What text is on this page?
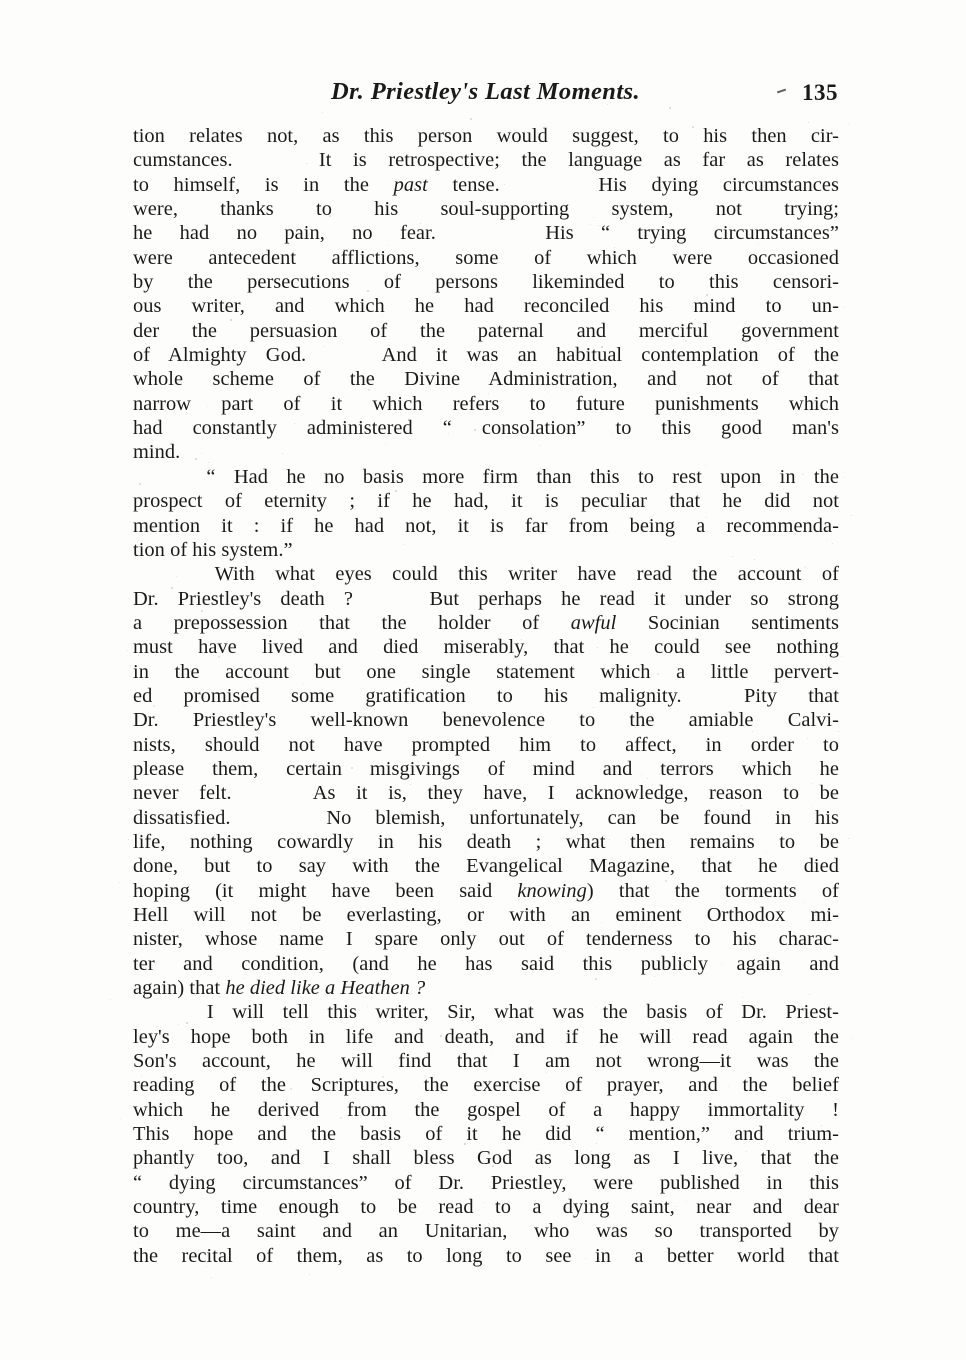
Dr. Priestley's Last Moments.	135
tion relates not, as this person would suggest, to his then cir-
cumstances.    It is retrospective; the language as far as relates
to himself, is in the past tense.    His dying circumstances
were, thanks to his soul-supporting system, not trying;
he had no pain, no fear.    His “ trying circumstances”
were antecedent afflictions, some of which were occasioned
by the persecutions of persons likeminded to this censori-
ous writer, and which he had reconciled his mind to un-
der the persuasion of the paternal and merciful government
of Almighty God.    And it was an habitual contemplation of the
whole scheme of the Divine Administration, and not of that
narrow part of it which refers to future punishments which
had constantly administered “ consolation” to this good man's
mind.
“ Had he no basis more firm than this to rest upon in the
prospect of eternity ; if he had, it is peculiar that he did not
mention it : if he had not, it is far from being a recommenda-
tion of his system.”
With what eyes could this writer have read the account of
Dr. Priestley's death ?    But perhaps he read it under so strong
a prepossession that the holder of awful Socinian sentiments
must have lived and died miserably, that he could see nothing
in the account but one single statement which a little pervert-
ed promised some gratification to his malignity.  Pity that
Dr. Priestley's well-known benevolence to the amiable Calvi-
nists, should not have prompted him to affect, in order to
please them, certain misgivings of mind and terrors which he
never felt.    As it is, they have, I acknowledge, reason to be
dissatisfied.    No blemish, unfortunately, can be found in his
life, nothing cowardly in his death ; what then remains to be
done, but to say with the Evangelical Magazine, that he died
hoping (it might have been said knowing) that the torments of
Hell will not be everlasting, or with an eminent Orthodox mi-
nister, whose name I spare only out of tenderness to his charac-
ter and condition, (and he has said this publicly again and
again) that he died like a Heathen ?
I will tell this writer, Sir, what was the basis of Dr. Priest-
ley's hope both in life and death, and if he will read again the
Son's account, he will find that I am not wrong—it was the
reading of the Scriptures, the exercise of prayer, and the belief
which he derived from the gospel of a happy immortality !
This hope and the basis of it he did “ mention,” and trium-
phantly too, and I shall bless God as long as I live, that the
“ dying circumstances” of Dr. Priestley, were published in this
country, time enough to be read to a dying saint, near and dear
to me—a saint and an Unitarian, who was so transported by
the recital of them, as to long to see in a better world that
